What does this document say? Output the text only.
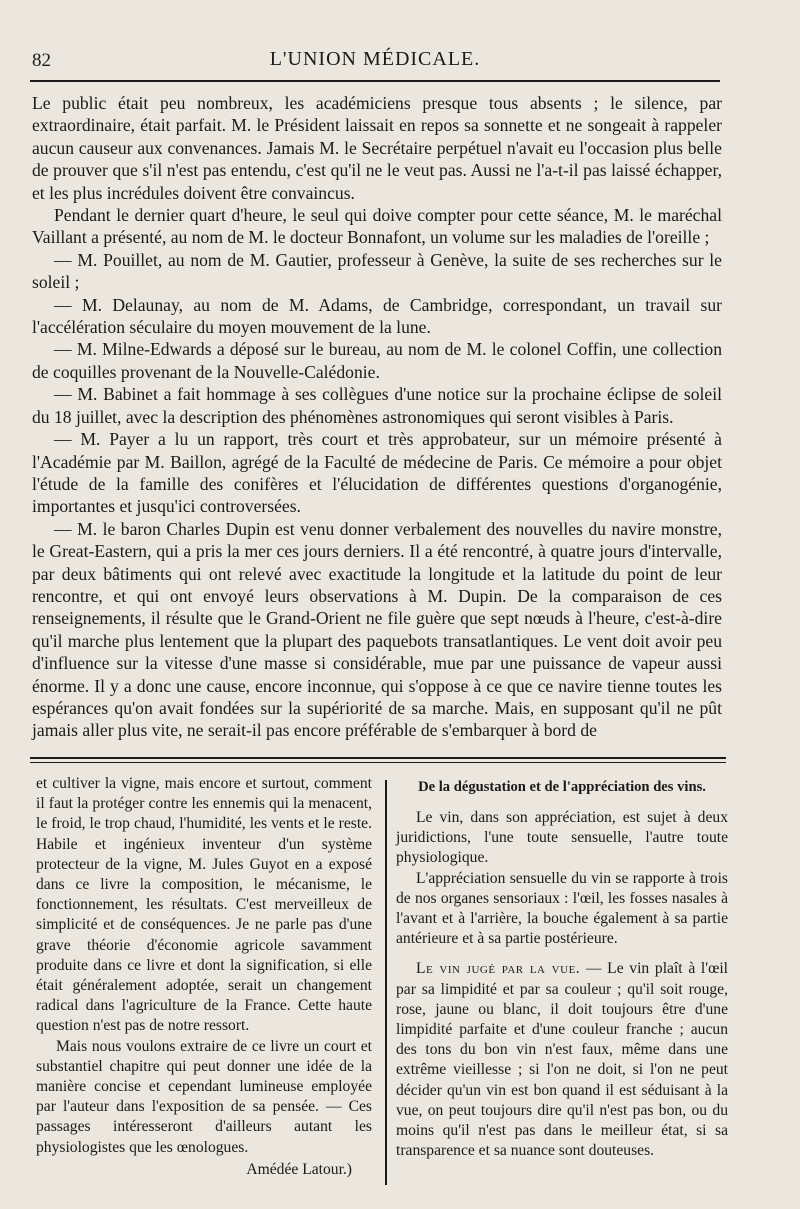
82	L'UNION MÉDICALE.

Le public était peu nombreux, les académiciens presque tous absents ; le silence, par extraordinaire, était parfait. M. le Président laissait en repos sa sonnette et ne songeait à rappeler aucun causeur aux convenances. Jamais M. le Secrétaire perpétuel n'avait eu l'occasion plus belle de prouver que s'il n'est pas entendu, c'est qu'il ne le veut pas. Aussi ne l'a-t-il pas laissé échapper, et les plus incrédules doivent être convaincus.

Pendant le dernier quart d'heure, le seul qui doive compter pour cette séance, M. le maréchal Vaillant a présenté, au nom de M. le docteur Bonnafont, un volume sur les maladies de l'oreille ;

— M. Pouillet, au nom de M. Gautier, professeur à Genève, la suite de ses recherches sur le soleil ;

— M. Delaunay, au nom de M. Adams, de Cambridge, correspondant, un travail sur l'accélération séculaire du moyen mouvement de la lune.

— M. Milne-Edwards a déposé sur le bureau, au nom de M. le colonel Coffin, une collection de coquilles provenant de la Nouvelle-Calédonie.

— M. Babinet a fait hommage à ses collègues d'une notice sur la prochaine éclipse de soleil du 18 juillet, avec la description des phénomènes astronomiques qui seront visibles à Paris.

— M. Payer a lu un rapport, très court et très approbateur, sur un mémoire présenté à l'Académie par M. Baillon, agrégé de la Faculté de médecine de Paris. Ce mémoire a pour objet l'étude de la famille des conifères et l'élucidation de différentes questions d'organogénie, importantes et jusqu'ici controversées.

— M. le baron Charles Dupin est venu donner verbalement des nouvelles du navire monstre, le Great-Eastern, qui a pris la mer ces jours derniers. Il a été rencontré, à quatre jours d'intervalle, par deux bâtiments qui ont relevé avec exactitude la longitude et la latitude du point de leur rencontre, et qui ont envoyé leurs observations à M. Dupin. De la comparaison de ces renseignements, il résulte que le Grand-Orient ne file guère que sept nœuds à l'heure, c'est-à-dire qu'il marche plus lentement que la plupart des paquebots transatlantiques. Le vent doit avoir peu d'influence sur la vitesse d'une masse si considérable, mue par une puissance de vapeur aussi énorme. Il y a donc une cause, encore inconnue, qui s'oppose à ce que ce navire tienne toutes les espérances qu'on avait fondées sur la supériorité de sa marche. Mais, en supposant qu'il ne pût jamais aller plus vite, ne serait-il pas encore préférable de s'embarquer à bord de

et cultiver la vigne, mais encore et surtout, comment il faut la protéger contre les ennemis qui la menacent, le froid, le trop chaud, l'humidité, les vents et le reste. Habile et ingénieux inventeur d'un système protecteur de la vigne, M. Jules Guyot en a exposé dans ce livre la composition, le mécanisme, le fonctionnement, les résultats. C'est merveilleux de simplicité et de conséquences. Je ne parle pas d'une grave théorie d'économie agricole savamment produite dans ce livre et dont la signification, si elle était généralement adoptée, serait un changement radical dans l'agriculture de la France. Cette haute question n'est pas de notre ressort.

Mais nous voulons extraire de ce livre un court et substantiel chapitre qui peut donner une idée de la manière concise et cependant lumineuse employée par l'auteur dans l'exposition de sa pensée. — Ces passages intéresseront d'ailleurs autant les physiologistes que les œnologues.

Amédée Latour.)
De la dégustation et de l'appréciation des vins.

Le vin, dans son appréciation, est sujet à deux juridictions, l'une toute sensuelle, l'autre toute physiologique.

L'appréciation sensuelle du vin se rapporte à trois de nos organes sensoriaux : l'œil, les fosses nasales à l'avant et à l'arrière, la bouche également à sa partie antérieure et à sa partie postérieure.

Le vin jugé par la vue. — Le vin plaît à l'œil par sa limpidité et par sa couleur ; qu'il soit rouge, rose, jaune ou blanc, il doit toujours être d'une limpidité parfaite et d'une couleur franche ; aucun des tons du bon vin n'est faux, même dans une extrême vieillesse ; si l'on ne doit, si l'on ne peut décider qu'un vin est bon quand il est séduisant à la vue, on peut toujours dire qu'il n'est pas bon, ou du moins qu'il n'est pas dans le meilleur état, si sa transparence et sa nuance sont douteuses.
